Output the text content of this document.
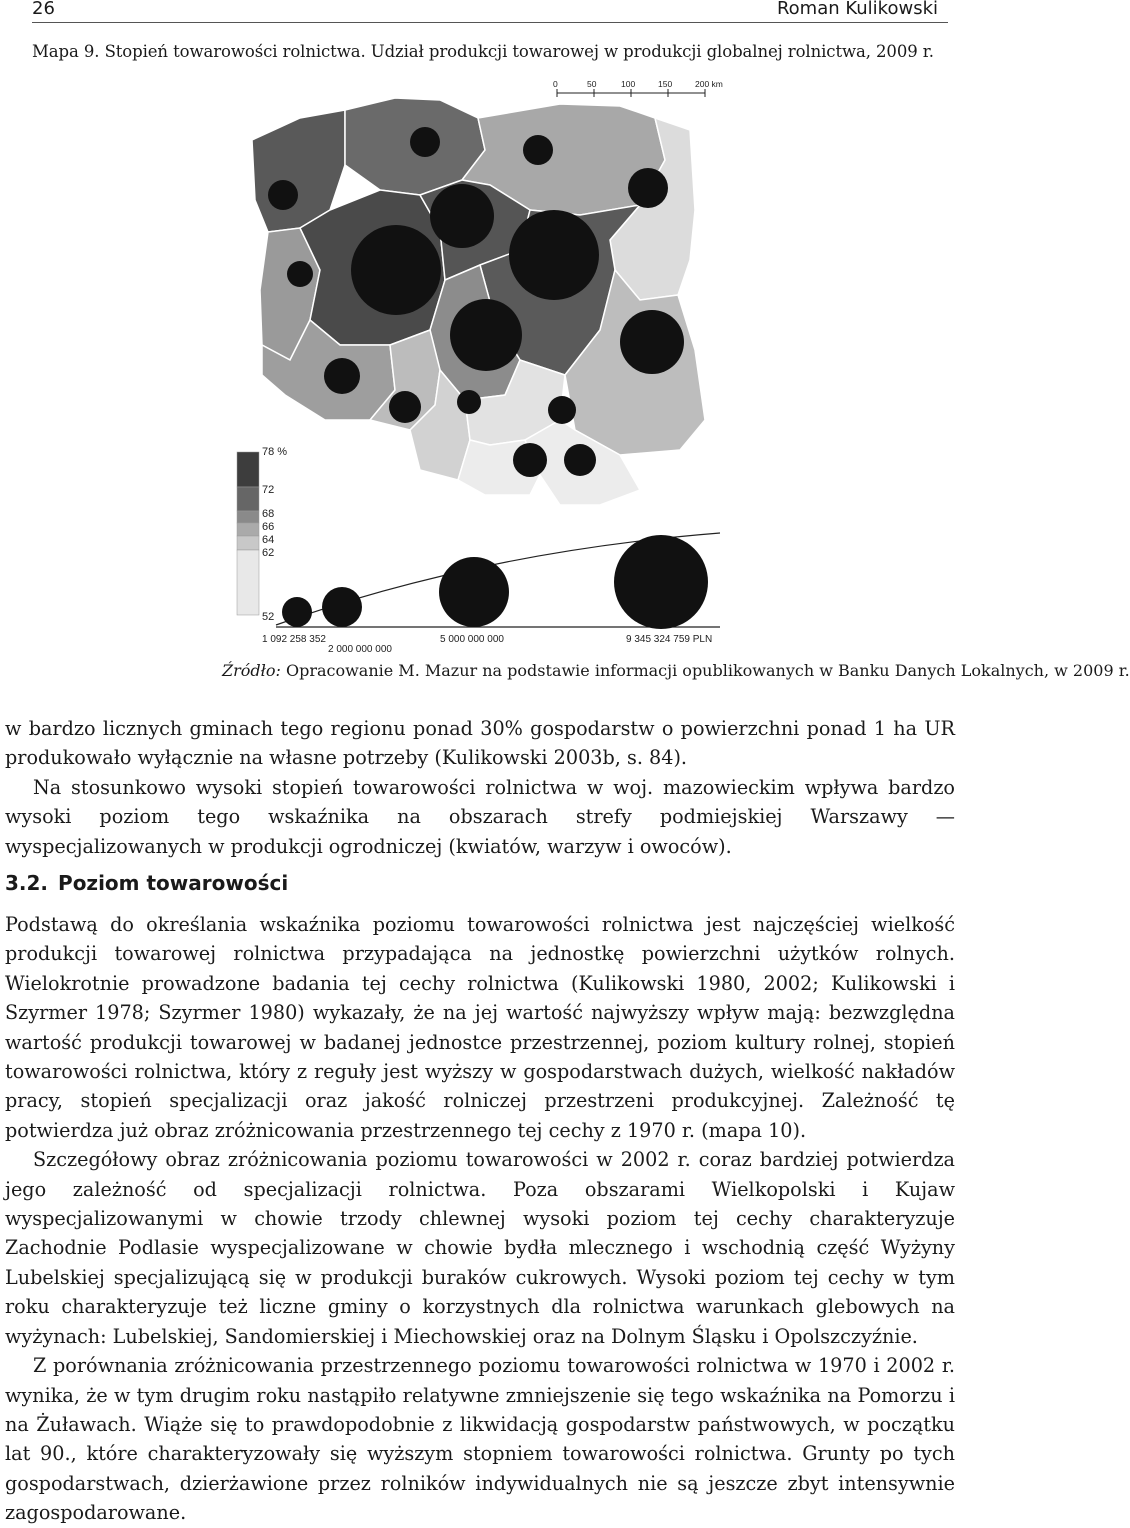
26	Roman Kulikowski
Mapa 9. Stopień towarowości rolnictwa. Udział produkcji towarowej w produkcji globalnej rolnictwa, 2009 r.
0	50	100	150	200 km
78 %
72
68
66
64
62
52
1 092 258 352
2 000 000 000
5 000 000 000	9 345 324 759 PLN
Źródło: Opracowanie M. Mazur na podstawie informacji opublikowanych w Banku Danych Lokalnych, w 2009 r.

w bardzo licznych gminach tego regionu ponad 30% gospodarstw o powierzchni ponad 1 ha UR produkowało wyłącznie na własne potrzeby (Kulikowski 2003b, s. 84).

Na stosunkowo wysoki stopień towarowości rolnictwa w woj. mazowieckim wpływa bardzo wysoki poziom tego wskaźnika na obszarach strefy podmiejskiej Warszawy — wyspecjalizowanych w produkcji ogrodniczej (kwiatów, warzyw i owoców).

3.2. Poziom towarowości

Podstawą do określania wskaźnika poziomu towarowości rolnictwa jest najczęściej wielkość produkcji towarowej rolnictwa przypadająca na jednostkę powierzchni użytków rolnych. Wielokrotnie prowadzone badania tej cechy rolnictwa (Kulikowski 1980, 2002; Kulikowski i Szyrmer 1978; Szyrmer 1980) wykazały, że na jej wartość najwyższy wpływ mają: bezwzględna wartość produkcji towarowej w badanej jednostce przestrzennej, poziom kultury rolnej, stopień towarowości rolnictwa, który z reguły jest wyższy w gospodarstwach dużych, wielkość nakładów pracy, stopień specjalizacji oraz jakość rolniczej przestrzeni produkcyjnej. Zależność tę potwierdza już obraz zróżnicowania przestrzennego tej cechy z 1970 r. (mapa 10).

Szczegółowy obraz zróżnicowania poziomu towarowości w 2002 r. coraz bardziej potwierdza jego zależność od specjalizacji rolnictwa. Poza obszarami Wielkopolski i Kujaw wyspecjalizowanymi w chowie trzody chlewnej wysoki poziom tej cechy charakteryzuje Zachodnie Podlasie wyspecjalizowane w chowie bydła mlecznego i wschodnią część Wyżyny Lubelskiej specjalizującą się w produkcji buraków cukrowych. Wysoki poziom tej cechy w tym roku charakteryzuje też liczne gminy o korzystnych dla rolnictwa warunkach glebowych na wyżynach: Lubelskiej, Sandomierskiej i Miechowskiej oraz na Dolnym Śląsku i Opolszczyźnie.

Z porównania zróżnicowania przestrzennego poziomu towarowości rolnictwa w 1970 i 2002 r. wynika, że w tym drugim roku nastąpiło relatywne zmniejszenie się tego wskaźnika na Pomorzu i na Żuławach. Wiąże się to prawdopodobnie z likwidacją gospodarstw państwowych, w początku lat 90., które charakteryzowały się wyższym stopniem towarowości rolnictwa. Grunty po tych gospodarstwach, dzierżawione przez rolników indywidualnych nie są jeszcze zbyt intensywnie zagospodarowane.
